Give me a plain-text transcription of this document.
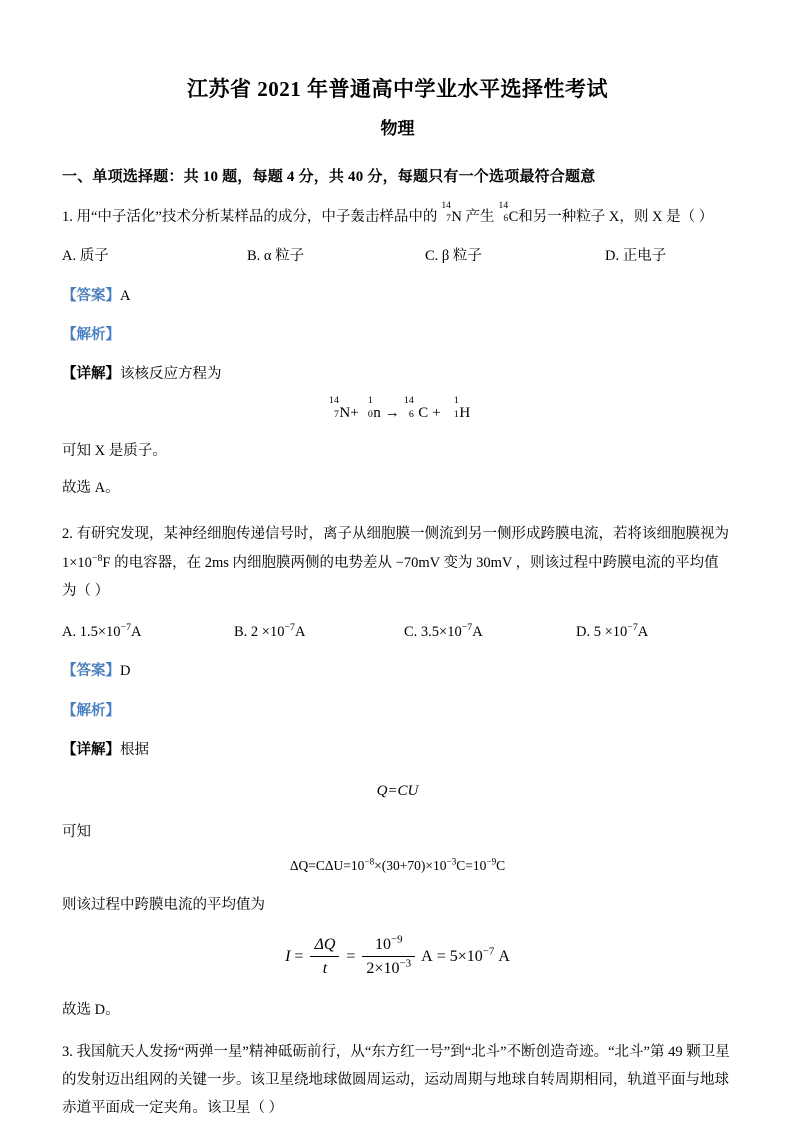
江苏省 2021 年普通高中学业水平选择性考试
物理
一、单项选择题：共 10 题，每题 4 分，共 40 分，每题只有一个选项最符合题意

1. 用“中子活化”技术分析某样品的成分，中子轰击样品中的
14
7 N 产生
14
6 C和另一种粒子 X，则 X 是（ ）

A. 质子	B. α 粒子	C. β 粒子	D. 正电子
【答案】A
【解析】
【详解】该核反应方程为
14
7 N+
1
0 n →
14
6 C +
1
1 H

可知 X 是质子。

故选 A。

2. 有研究发现，某神经细胞传递信号时，离子从细胞膜一侧流到另一侧形成跨膜电流，若将该细胞膜视为

$1\times 10^{-8}F$ 的电容器，在 2ms 内细胞膜两侧的电势差从 −70mV 变为 30mV ，则该过程中跨膜电流的平均值

为（ ）

A. $1.5\times 10^{-7}A$	B. $2 \times 10^{-7}A$	C. $3.5\times 10^{-7}A$	D. $5 \times 10^{-7}A$
【答案】D
【解析】
【详解】根据
Q=CU

可知

$\Delta Q=C\Delta U=10^{-8}\times(30+70)\times 10^{-3}C=10^{-9}C$

则该过程中跨膜电流的平均值为

$I = \frac{\Delta Q}{t} = \frac{10^{-9}}{2\times 10^{-3}}$ $A = 5\times 10^{-7}$ A

故选 D。

3. 我国航天人发扬“两弹一星”精神砥砺前行，从“东方红一号”到“北斗”不断创造奇迹。“北斗”第 49 颗卫星

的发射迈出组网的关键一步。该卫星绕地球做圆周运动，运动周期与地球自转周期相同，轨道平面与地球

赤道平面成一定夹角。该卫星（ ）
